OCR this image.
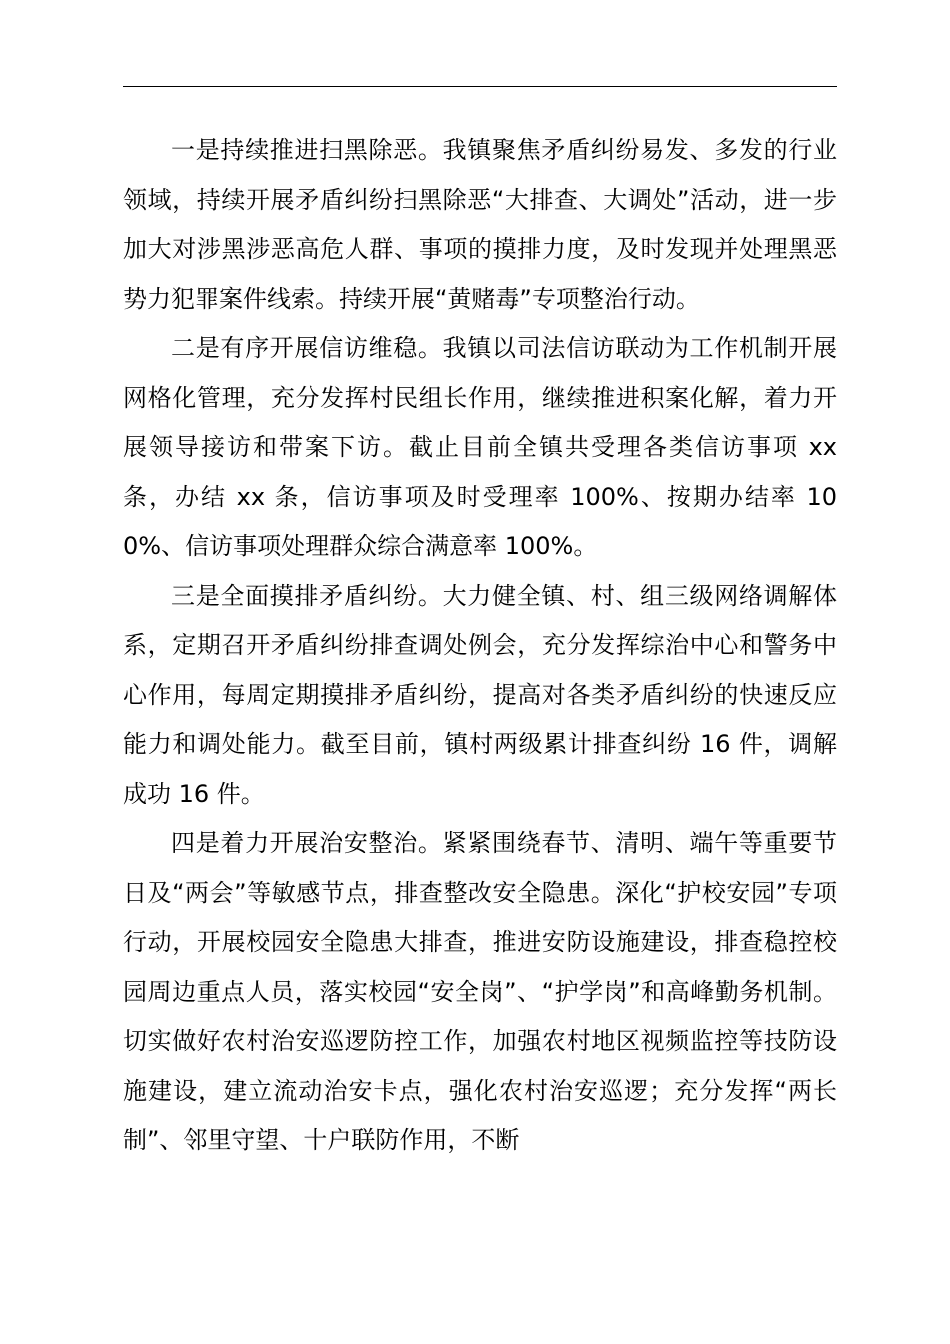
一是持续推进扫黑除恶。我镇聚焦矛盾纠纷易发、多发的行业领域，持续开展矛盾纠纷扫黑除恶“大排查、大调处”活动，进一步加大对涉黑涉恶高危人群、事项的摸排力度，及时发现并处理黑恶势力犯罪案件线索。持续开展“黄赌毒”专项整治行动。

二是有序开展信访维稳。我镇以司法信访联动为工作机制开展网格化管理，充分发挥村民组长作用，继续推进积案化解，着力开展领导接访和带案下访。截止目前全镇共受理各类信访事项 xx 条，办结 xx 条，信访事项及时受理率 100%、按期办结率 100%、信访事项处理群众综合满意率 100%。

三是全面摸排矛盾纠纷。大力健全镇、村、组三级网络调解体系，定期召开矛盾纠纷排查调处例会，充分发挥综治中心和警务中心作用，每周定期摸排矛盾纠纷，提高对各类矛盾纠纷的快速反应能力和调处能力。截至目前，镇村两级累计排查纠纷 16 件，调解成功 16 件。

四是着力开展治安整治。紧紧围绕春节、清明、端午等重要节日及“两会”等敏感节点，排查整改安全隐患。深化“护校安园”专项行动，开展校园安全隐患大排查，推进安防设施建设，排查稳控校园周边重点人员，落实校园“安全岗”、“护学岗”和高峰勤务机制。切实做好农村治安巡逻防控工作，加强农村地区视频监控等技防设施建设，建立流动治安卡点，强化农村治安巡逻；充分发挥“两长制”、邻里守望、十户联防作用，不断
